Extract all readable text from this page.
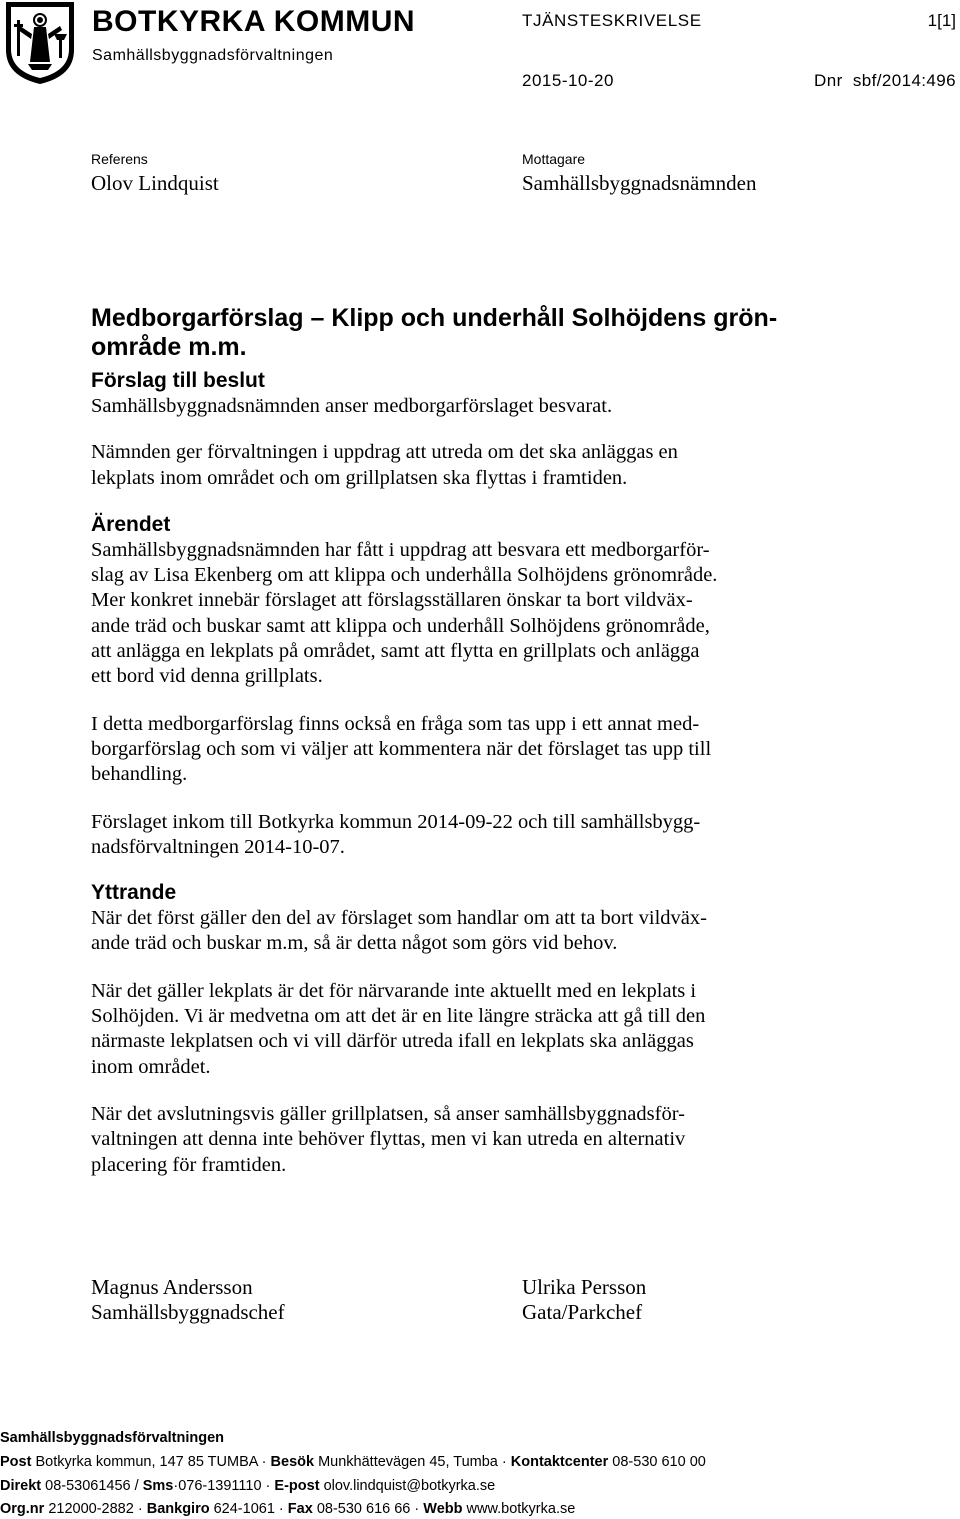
BOTKYRKA KOMMUN
Samhällsbyggnadsförvaltningen
TJÄNSTESKRIVELSE	1[1]
2015-10-20	Dnr  sbf/2014:496
Referens
Olov Lindquist
Mottagare
Samhällsbyggnadsnämnden
Medborgarförslag – Klipp och underhåll Solhöjdens grön-
område m.m.
Förslag till beslut
Samhällsbyggnadsnämnden anser medborgarförslaget besvarat.
Nämnden ger förvaltningen i uppdrag att utreda om det ska anläggas en
lekplats inom området och om grillplatsen ska flyttas i framtiden.
Ärendet
Samhällsbyggnadsnämnden har fått i uppdrag att besvara ett medborgarför-
slag av Lisa Ekenberg om att klippa och underhålla Solhöjdens grönområde.
Mer konkret innebär förslaget att förslagsställaren önskar ta bort vildväx-
ande träd och buskar samt att klippa och underhåll Solhöjdens grönområde,
att anlägga en lekplats på området, samt att flytta en grillplats och anlägga
ett bord vid denna grillplats.
I detta medborgarförslag finns också en fråga som tas upp i ett annat med-
borgarförslag och som vi väljer att kommentera när det förslaget tas upp till
behandling.
Förslaget inkom till Botkyrka kommun 2014-09-22 och till samhällsbygg-
nadsförvaltningen 2014-10-07.
Yttrande
När det först gäller den del av förslaget som handlar om att ta bort vildväx-
ande träd och buskar m.m, så är detta något som görs vid behov.
När det gäller lekplats är det för närvarande inte aktuellt med en lekplats i
Solhöjden. Vi är medvetna om att det är en lite längre sträcka att gå till den
närmaste lekplatsen och vi vill därför utreda ifall en lekplats ska anläggas
inom området.
När det avslutningsvis gäller grillplatsen, så anser samhällsbyggnadsför-
valtningen att denna inte behöver flyttas, men vi kan utreda en alternativ
placering för framtiden.
Magnus Andersson
Samhällsbyggnadschef
Ulrika Persson
Gata/Parkchef
Samhällsbyggnadsförvaltningen
Post Botkyrka kommun, 147 85 TUMBA · Besök Munkhättevägen 45, Tumba · Kontaktcenter 08-530 610 00
Direkt 08-53061456 / Sms·076-1391110 · E-post olov.lindquist@botkyrka.se
Org.nr 212000-2882 · Bankgiro 624-1061 · Fax 08-530 616 66 · Webb www.botkyrka.se
